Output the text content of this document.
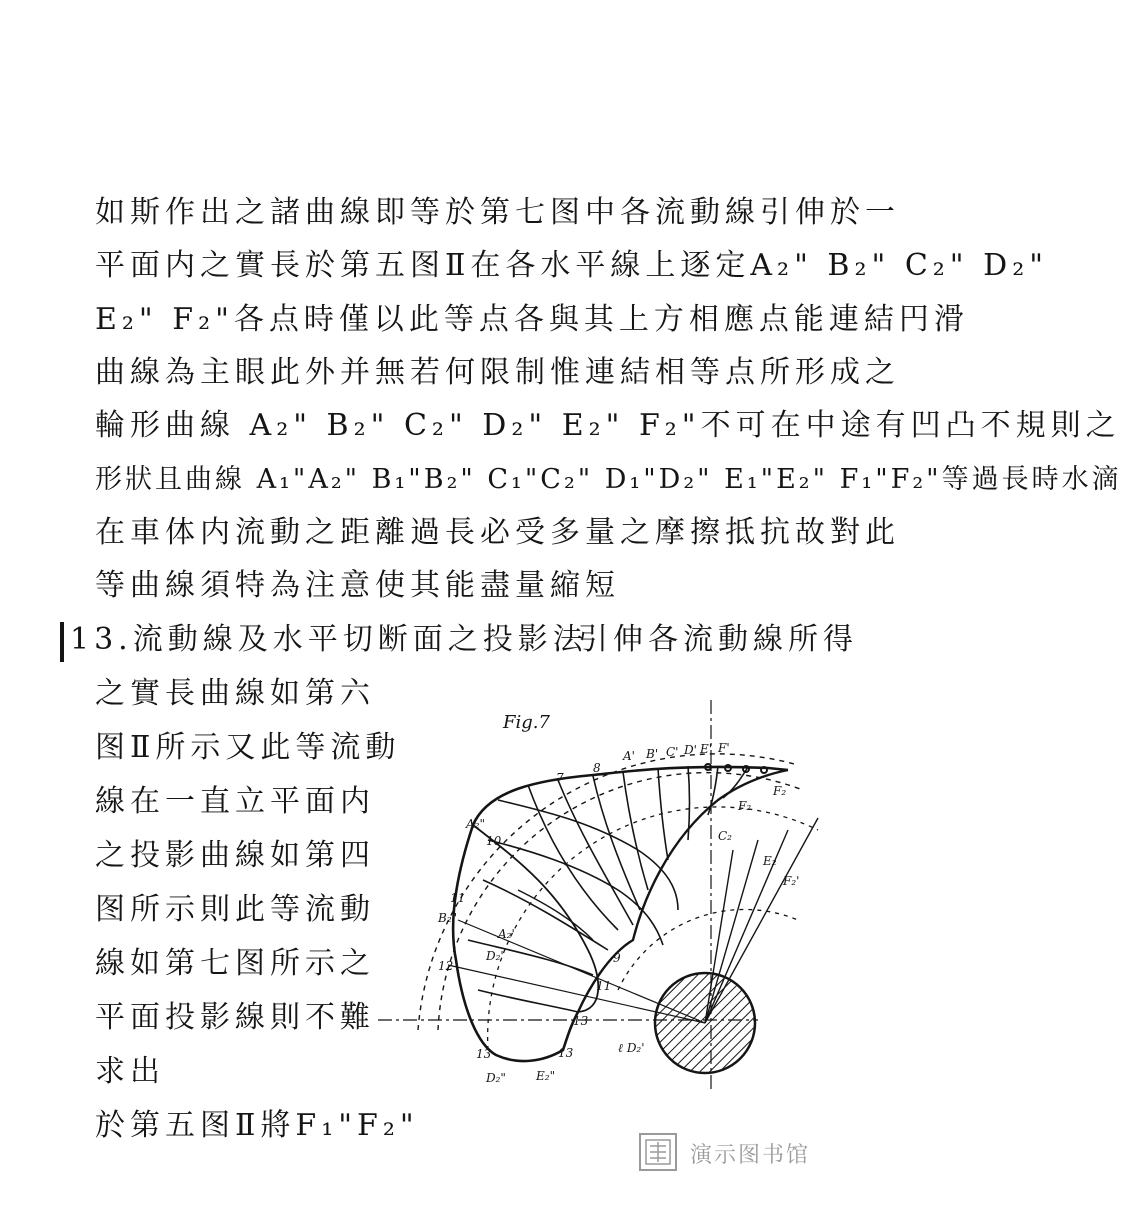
如斯作出之諸曲線即等於第七图中各流動線引伸於一
平面内之實長於第五图Ⅱ在各水平線上逐定A₂" B₂" C₂" D₂"
E₂" F₂"各点時僅以此等点各與其上方相應点能連結円滑
曲線為主眼此外并無若何限制惟連結相等点所形成之
輪形曲線 A₂" B₂" C₂" D₂" E₂" F₂"不可在中途有凹凸不規則之
形狀且曲線 A₁"A₂" B₁"B₂" C₁"C₂" D₁"D₂" E₁"E₂" F₁"F₂"等過長時水滴
在車体内流動之距離過長必受多量之摩擦抵抗故對此
等曲線須特為注意使其能盡量縮短
13.流動線及水平切断面之投影法
引伸各流動線所得
之實長曲線如第六
图Ⅱ所示又此等流動
線在一直立平面内
之投影曲線如第四
图所示則此等流動
線如第七图所示之
平面投影線則不難
求出
於第五图Ⅱ將F₁"F₂"
Fig.7
A₂"
B₂"
D₂"	E₂"
10
11
12
13	13
13
11
9
8
7
A' B' C' D' E' F'
F₂
F₂
C₂
E₂
F₂'
D₂'
A₂'
ℓ D₂'
演示图书馆
